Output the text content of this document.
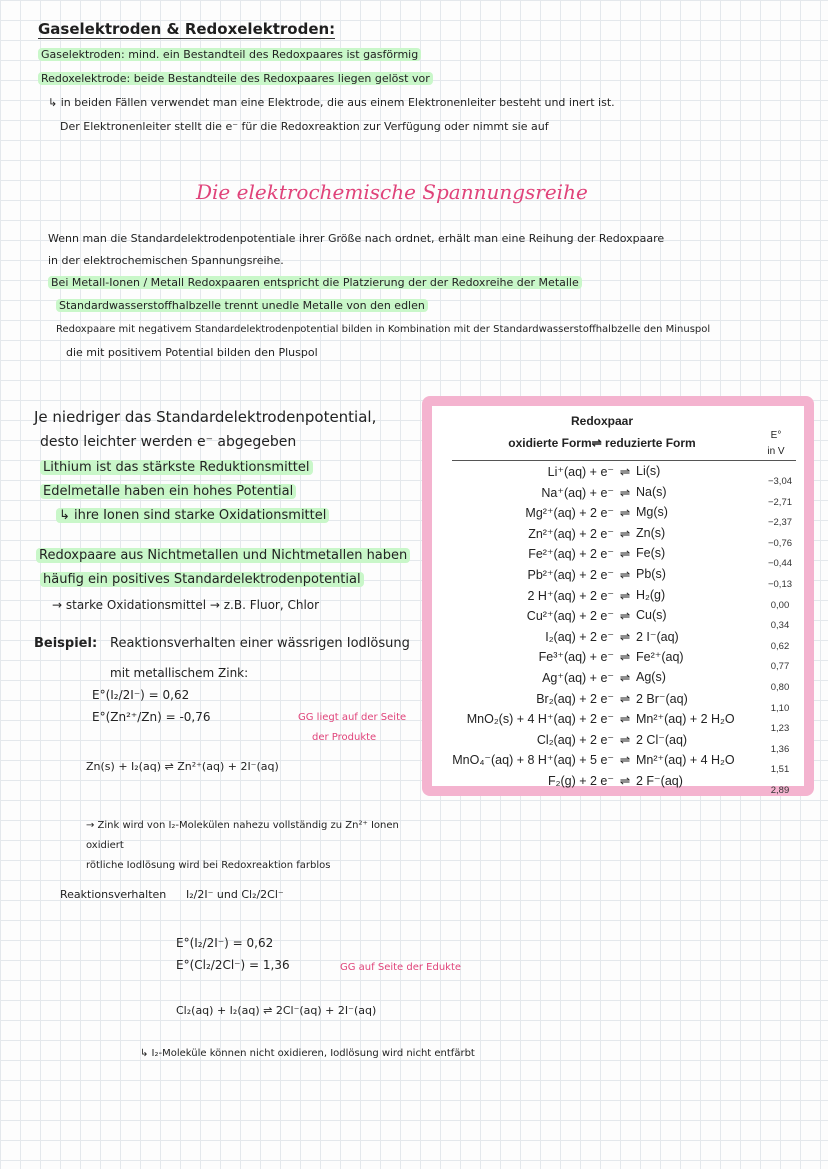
Gaselektroden & Redoxelektroden:
Gaselektroden: mind. ein Bestandteil des Redoxpaares ist gasförmig
Redoxelektrode: beide Bestandteile des Redoxpaares liegen gelöst vor
↳ in beiden Fällen verwendet man eine Elektrode, die aus einem Elektronenleiter besteht und inert ist.
Der Elektronenleiter stellt die e⁻ für die Redoxreaktion zur Verfügung oder nimmt sie auf
Die elektrochemische Spannungsreihe
Wenn man die Standardelektrodenpotentiale ihrer Größe nach ordnet, erhält man eine Reihung der Redoxpaare
in der elektrochemischen Spannungsreihe.
Bei Metall-Ionen / Metall Redoxpaaren entspricht die Platzierung der der Redoxreihe der Metalle
Standardwasserstoffhalbzelle trennt unedle Metalle von den edlen
Redoxpaare mit negativem Standardelektrodenpotential bilden in Kombination mit der Standardwasserstoffhalbzelle den Minuspol
die mit positivem Potential bilden den Pluspol
Je niedriger das Standardelektrodenpotential,
desto leichter werden e⁻ abgegeben
Lithium ist das stärkste Reduktionsmittel
Edelmetalle haben ein hohes Potential
↳ ihre Ionen sind starke Oxidationsmittel
Redoxpaare aus Nichtmetallen und Nichtmetallen haben
häufig ein positives Standardelektrodenpotential
→ starke Oxidationsmittel → z.B. Fluor, Chlor
Beispiel: Reaktionsverhalten einer wässrigen Iodlösung
mit metallischem Zink:
E°(I₂/2I⁻) = 0,62
E°(Zn²⁺/Zn) = -0,76	GG liegt auf der Seite
der Produkte
Zn(s) + I₂(aq) ⇌ Zn²⁺(aq) + 2I⁻(aq)
→ Zink wird von I₂-Molekülen nahezu vollständig zu Zn²⁺ Ionen
oxidiert
rötliche Iodlösung wird bei Redoxreaktion farblos
Reaktionsverhalten I₂/2I⁻ und Cl₂/2Cl⁻
E°(I₂/2I⁻) = 0,62
E°(Cl₂/2Cl⁻) = 1,36	GG auf Seite der Edukte
Cl₂(aq) + I₂(aq) ⇌ 2Cl⁻(aq) + 2I⁻(aq)
↳ I₂-Moleküle können nicht oxidieren, Iodlösung wird nicht entfärbt
Redoxpaar
oxidierte Form⇌ reduzierte Form
E°
in V
Li⁺(aq) + e⁻ ⇌ Li(s)
−3,04
Na⁺(aq) + e⁻ ⇌ Na(s)
−2,71
Mg²⁺(aq) + 2 e⁻ ⇌ Mg(s)
−2,37
Zn²⁺(aq) + 2 e⁻ ⇌ Zn(s)
−0,76
Fe²⁺(aq) + 2 e⁻ ⇌ Fe(s)
−0,44
Pb²⁺(aq) + 2 e⁻ ⇌ Pb(s)
−0,13
2 H⁺(aq) + 2 e⁻ ⇌ H₂(g)
0,00
Cu²⁺(aq) + 2 e⁻ ⇌ Cu(s)
0,34
I₂(aq) + 2 e⁻ ⇌ 2 I⁻(aq)
0,62
Fe³⁺(aq) + e⁻ ⇌ Fe²⁺(aq)
0,77
Ag⁺(aq) + e⁻ ⇌ Ag(s)
0,80
Br₂(aq) + 2 e⁻ ⇌ 2 Br⁻(aq)
1,10
MnO₂(s) + 4 H⁺(aq) + 2 e⁻ ⇌ Mn²⁺(aq) + 2 H₂O
1,23
Cl₂(aq) + 2 e⁻ ⇌ 2 Cl⁻(aq)
1,36
MnO₄⁻(aq) + 8 H⁺(aq) + 5 e⁻ ⇌ Mn²⁺(aq) + 4 H₂O
1,51
F₂(g) + 2 e⁻ ⇌ 2 F⁻(aq)
2,89
